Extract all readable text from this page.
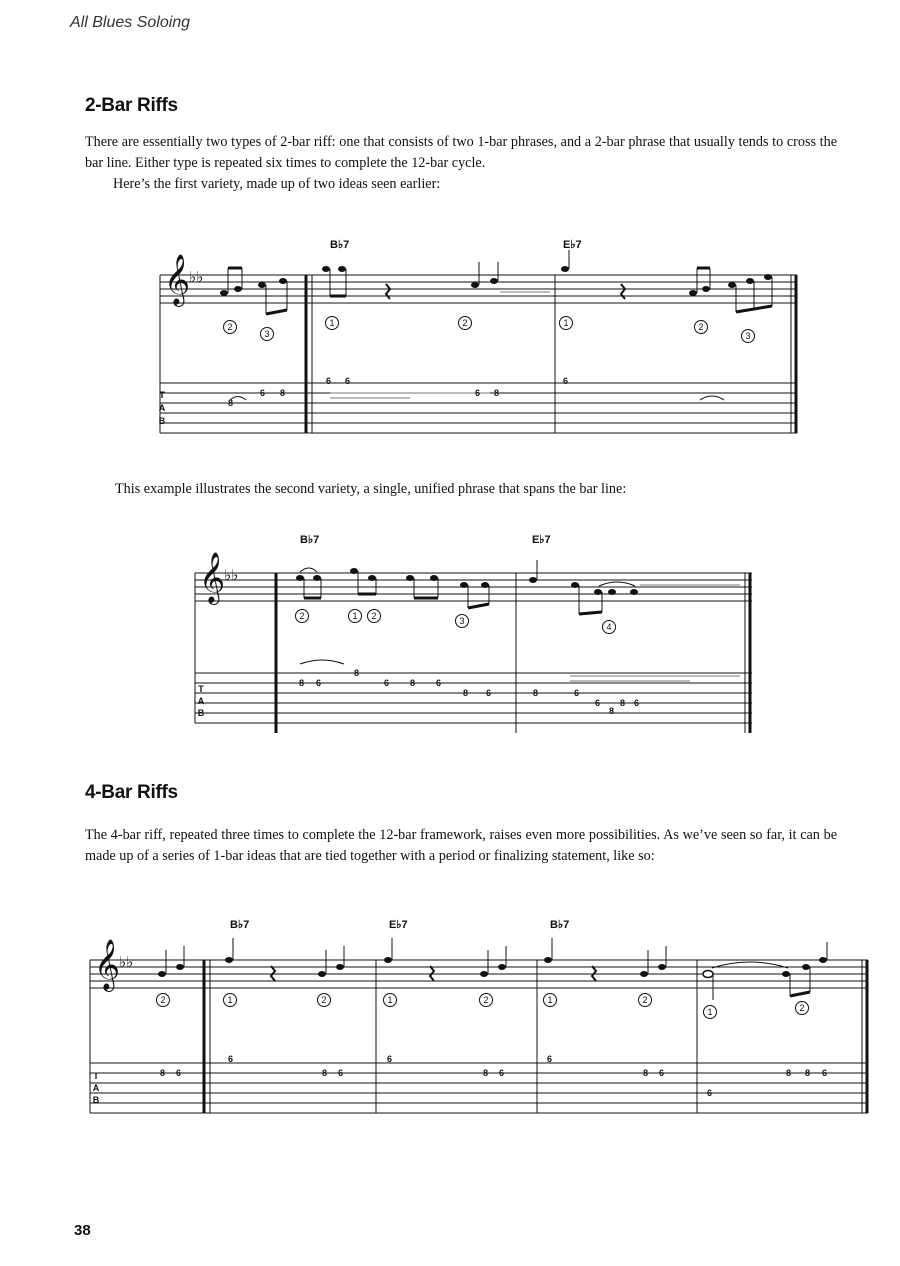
All Blues Soloing
2-Bar Riffs

There are essentially two types of 2-bar riff: one that consists of two 1-bar phrases, and a 2-bar phrase that usually tends to cross the bar line. Either type is repeated six times to complete the 12-bar cycle.

Here’s the first variety, made up of two ideas seen earlier:

B♭7	E♭7
𝄞
♭♭
T
A
B
2
3
1	2	1	2
3
8
6 8
6 6
6 8
6

This example illustrates the second variety, a single, unified phrase that spans the bar line:

B♭7	E♭7
𝄞
♭♭
T
A
B
2	1	2	3
4
8 6
8
6 8 6
8 6	8	6
6
8
8 6
4-Bar Riffs

The 4-bar riff, repeated three times to complete the 12-bar framework, raises even more possibilities. As we’ve seen so far, it can be made up of a series of 1-bar ideas that are tied together with a period or finalizing statement, like so:

B♭7	E♭7	B♭7
𝄞
♭♭
T
A
B
2	1	2	1	2	1	2
1	2
8 6
6
8 6
6
8 6
6
8 6
6
8 8 6
38
